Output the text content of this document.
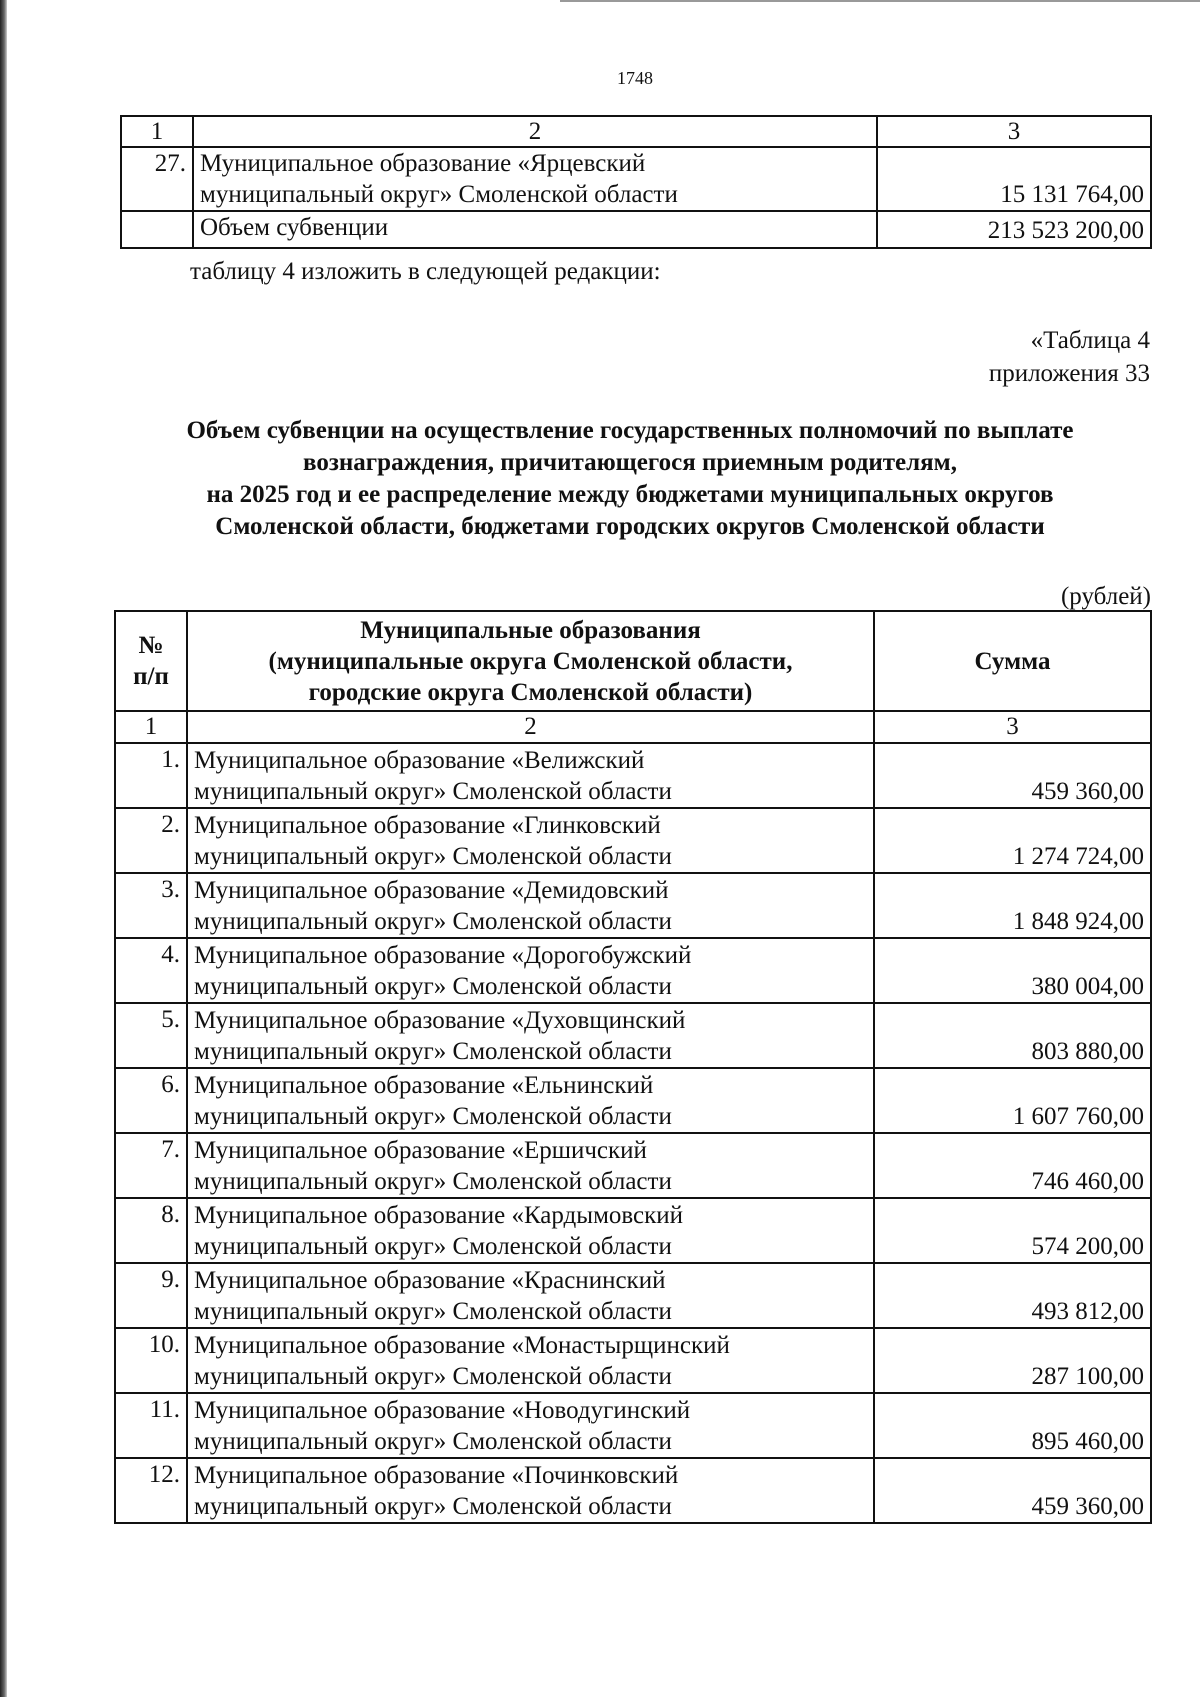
1748
1	2	3
27.	Муниципальное образование «Ярцевский
муниципальный округ» Смоленской области	15 131 764,00
	Объем субвенции	213 523 200,00
таблицу 4 изложить в следующей редакции:
«Таблица 4
приложения 33
Объем субвенции на осуществление государственных полномочий по выплате
вознаграждения, причитающегося приемным родителям,
на 2025 год и ее распределение между бюджетами муниципальных округов
Смоленской области, бюджетами городских округов Смоленской области
(рублей)
№
п/п	Муниципальные образования
(муниципальные округа Смоленской области,
городские округа Смоленской области)	Сумма
1	2	3
1.	Муниципальное образование «Велижский
муниципальный округ» Смоленской области	459 360,00
2.	Муниципальное образование «Глинковский
муниципальный округ» Смоленской области	1 274 724,00
3.	Муниципальное образование «Демидовский
муниципальный округ» Смоленской области	1 848 924,00
4.	Муниципальное образование «Дорогобужский
муниципальный округ» Смоленской области	380 004,00
5.	Муниципальное образование «Духовщинский
муниципальный округ» Смоленской области	803 880,00
6.	Муниципальное образование «Ельнинский
муниципальный округ» Смоленской области	1 607 760,00
7.	Муниципальное образование «Ершичский
муниципальный округ» Смоленской области	746 460,00
8.	Муниципальное образование «Кардымовский
муниципальный округ» Смоленской области	574 200,00
9.	Муниципальное образование «Краснинский
муниципальный округ» Смоленской области	493 812,00
10.	Муниципальное образование «Монастырщинский
муниципальный округ» Смоленской области	287 100,00
11.	Муниципальное образование «Новодугинский
муниципальный округ» Смоленской области	895 460,00
12.	Муниципальное образование «Починковский
муниципальный округ» Смоленской области	459 360,00
